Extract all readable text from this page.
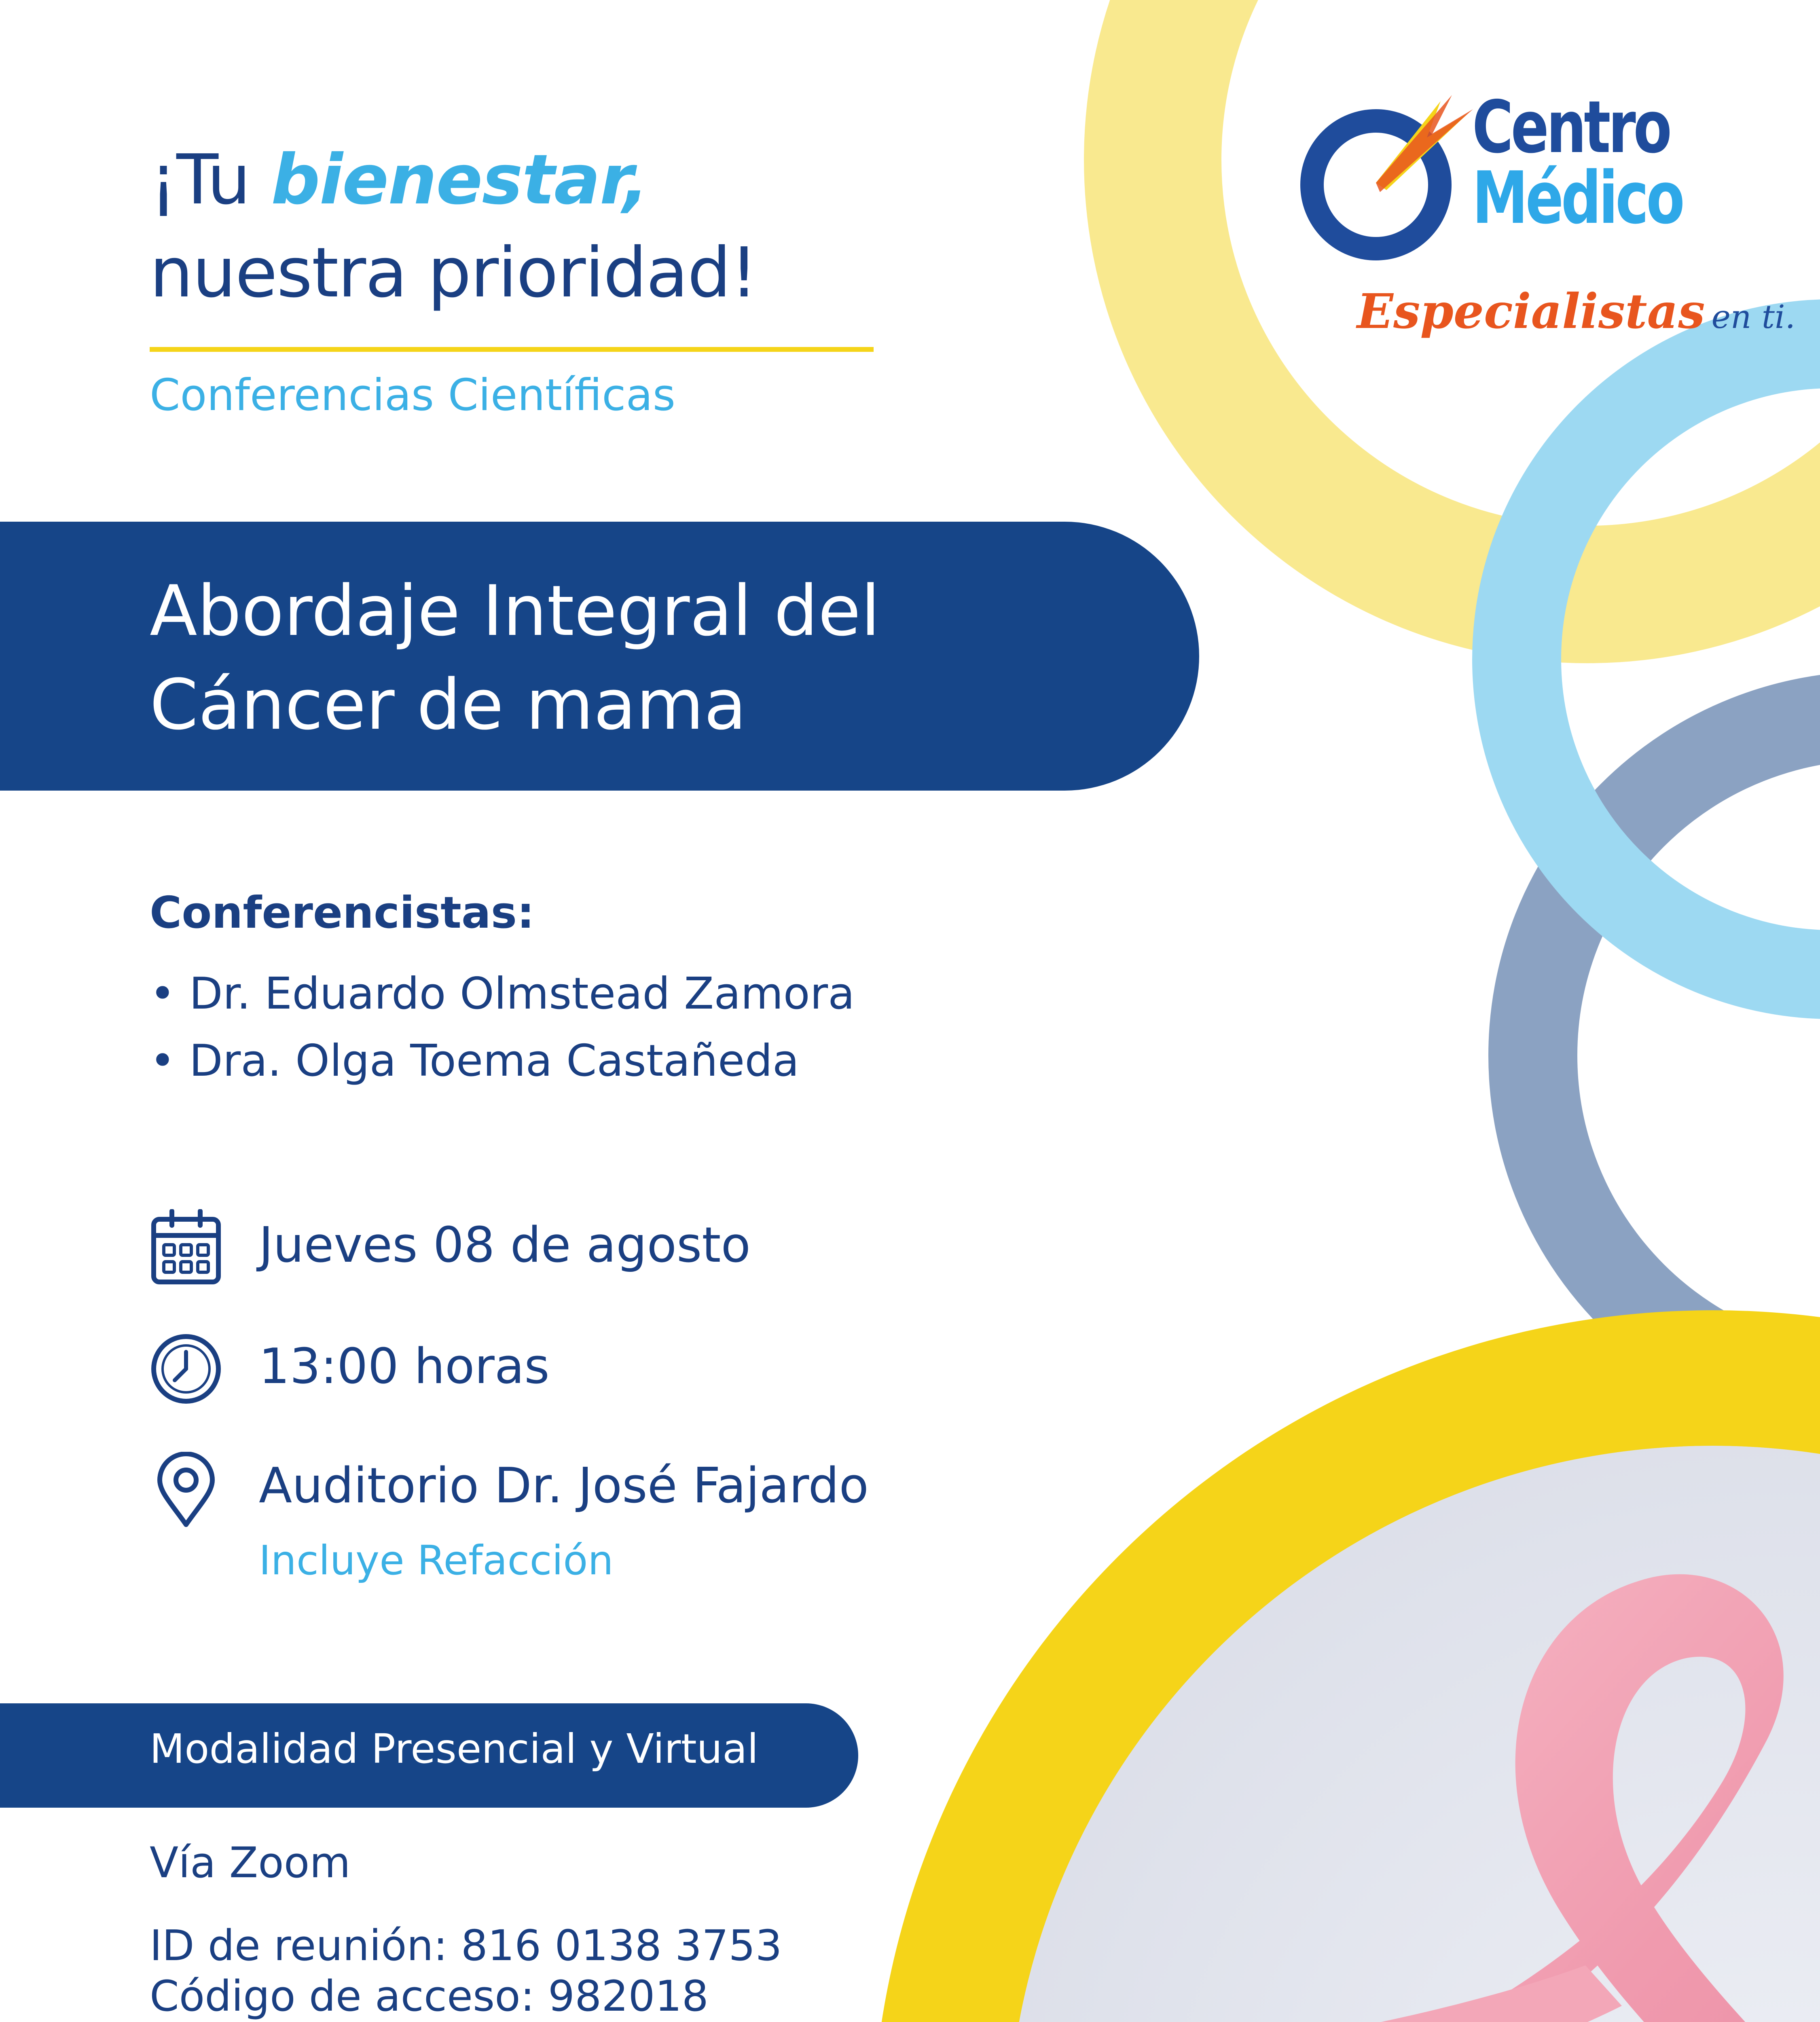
Centro
Médico
Especialistas en ti.
¡Tu bienestar,
nuestra prioridad!
Conferencias Científicas
Abordaje Integral del
Cáncer de mama
Conferencistas:
• Dr. Eduardo Olmstead Zamora
• Dra. Olga Toema Castañeda
Jueves 08 de agosto
13:00 horas
Auditorio Dr. José Fajardo
Incluye Refacción
Modalidad Presencial y Virtual
Vía Zoom
ID de reunión: 816 0138 3753
Código de acceso: 982018
